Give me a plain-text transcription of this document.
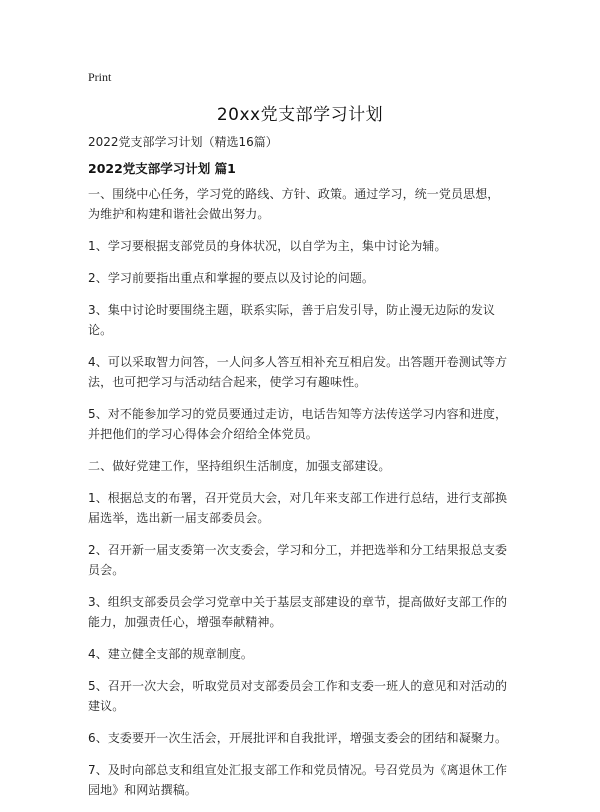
Print
20xx党支部学习计划
2022党支部学习计划（精选16篇）
2022党支部学习计划 篇1

一、围绕中心任务，学习党的路线、方针、政策。通过学习，统一党员思想，为维护和构建和谐社会做出努力。

1、学习要根据支部党员的身体状况，以自学为主，集中讨论为辅。

2、学习前要指出重点和掌握的要点以及讨论的问题。

3、集中讨论时要围绕主题，联系实际，善于启发引导，防止漫无边际的发议论。

4、可以采取智力问答，一人问多人答互相补充互相启发。出答题开卷测试等方法，也可把学习与活动结合起来，使学习有趣味性。

5、对不能参加学习的党员要通过走访，电话告知等方法传送学习内容和进度，并把他们的学习心得体会介绍给全体党员。

二、做好党建工作，坚持组织生活制度，加强支部建设。

1、根据总支的布署，召开党员大会，对几年来支部工作进行总结，进行支部换届选举，选出新一届支部委员会。

2、召开新一届支委第一次支委会，学习和分工，并把选举和分工结果报总支委员会。

3、组织支部委员会学习党章中关于基层支部建设的章节，提高做好支部工作的能力，加强责任心，增强奉献精神。

4、建立健全支部的规章制度。

5、召开一次大会，听取党员对支部委员会工作和支委一班人的意见和对活动的建议。

6、支委要开一次生活会，开展批评和自我批评，增强支委会的团结和凝聚力。

7、及时向部总支和组宣处汇报支部工作和党员情况。号召党员为《离退休工作园地》和网站撰稿。
